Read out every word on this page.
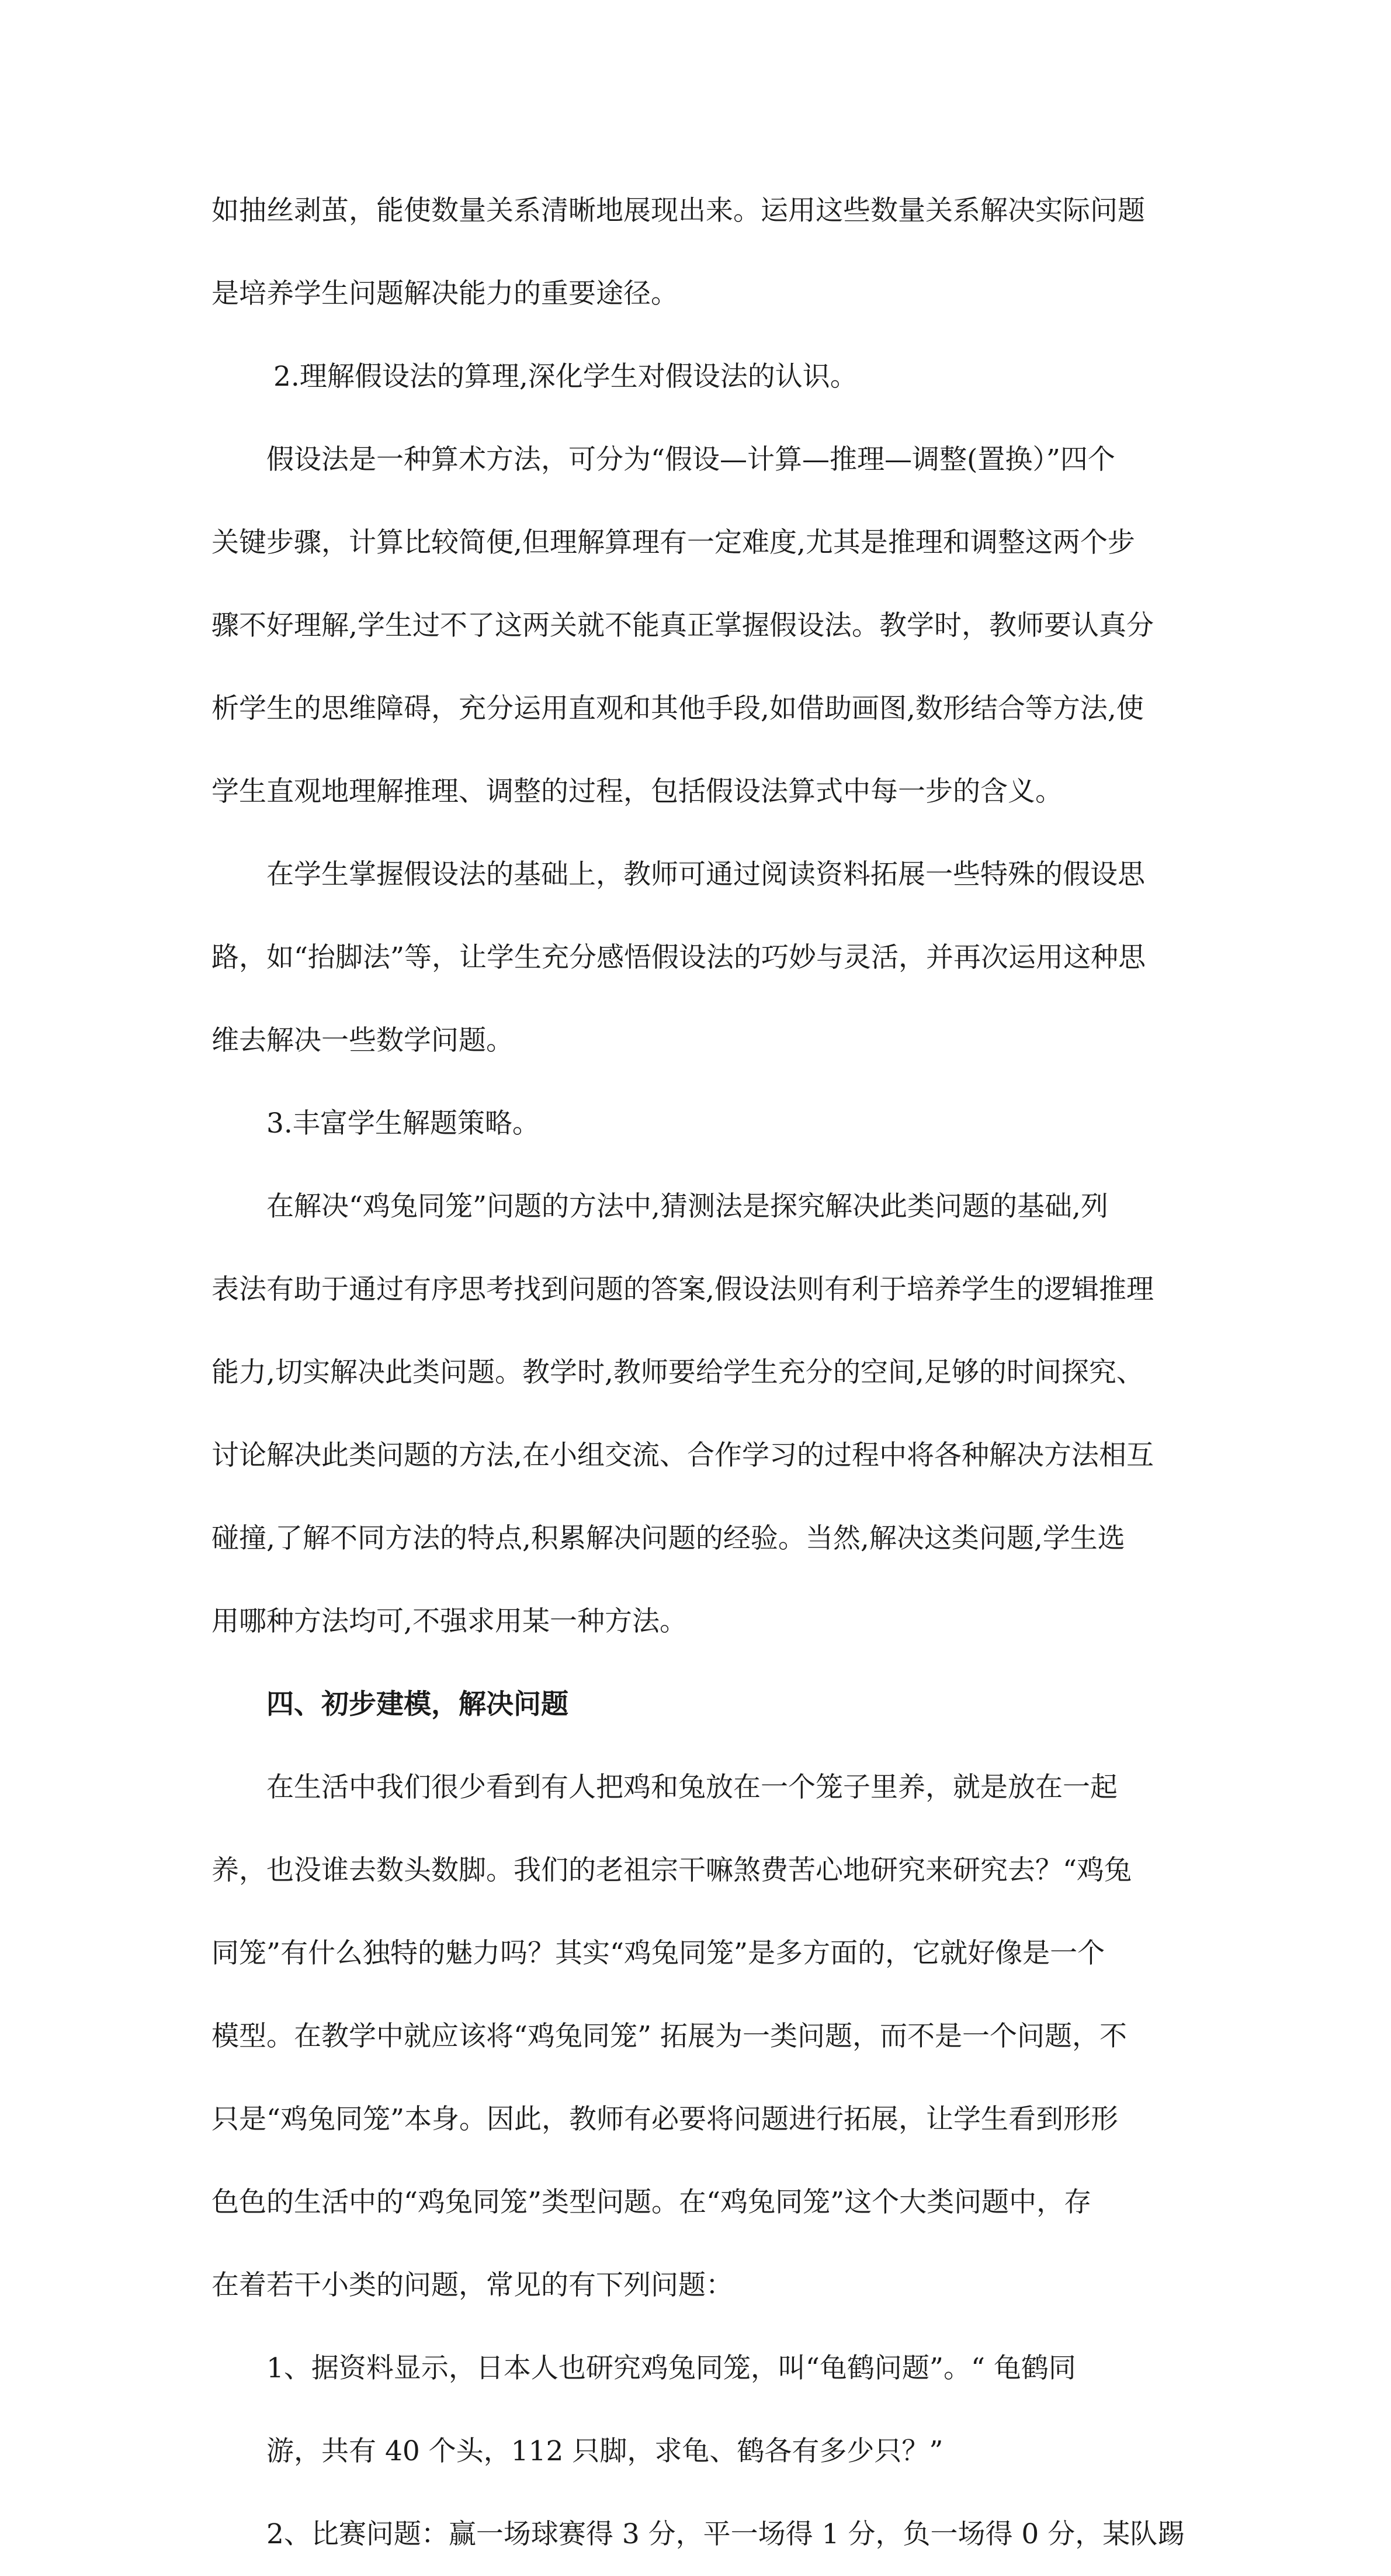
如抽丝剥茧，能使数量关系清晰地展现出来。运用这些数量关系解决实际问题
是培养学生问题解决能力的重要途径。
2.理解假设法的算理,深化学生对假设法的认识。
假设法是一种算术方法，可分为“假设—计算—推理—调整(置换）”四个
关键步骤，计算比较简便,但理解算理有一定难度,尤其是推理和调整这两个步
骤不好理解,学生过不了这两关就不能真正掌握假设法。教学时，教师要认真分
析学生的思维障碍，充分运用直观和其他手段,如借助画图,数形结合等方法,使
学生直观地理解推理、调整的过程，包括假设法算式中每一步的含义。
在学生掌握假设法的基础上，教师可通过阅读资料拓展一些特殊的假设思
路，如“抬脚法”等，让学生充分感悟假设法的巧妙与灵活，并再次运用这种思
维去解决一些数学问题。
3.丰富学生解题策略。
在解决“鸡兔同笼”问题的方法中,猜测法是探究解决此类问题的基础,列
表法有助于通过有序思考找到问题的答案,假设法则有利于培养学生的逻辑推理
能力,切实解决此类问题。教学时,教师要给学生充分的空间,足够的时间探究、
讨论解决此类问题的方法,在小组交流、合作学习的过程中将各种解决方法相互
碰撞,了解不同方法的特点,积累解决问题的经验。当然,解决这类问题,学生选
用哪种方法均可,不强求用某一种方法。
四、初步建模，解决问题
在生活中我们很少看到有人把鸡和兔放在一个笼子里养，就是放在一起
养，也没谁去数头数脚。我们的老祖宗干嘛煞费苦心地研究来研究去？“鸡兔
同笼”有什么独特的魅力吗？其实“鸡兔同笼”是多方面的，它就好像是一个
模型。在教学中就应该将“鸡兔同笼” 拓展为一类问题，而不是一个问题，不
只是“鸡兔同笼”本身。因此，教师有必要将问题进行拓展，让学生看到形形
色色的生活中的“鸡兔同笼”类型问题。在“鸡兔同笼”这个大类问题中，存
在着若干小类的问题，常见的有下列问题：
1、据资料显示，日本人也研究鸡兔同笼，叫“龟鹤问题”。“ 龟鹤同
游，共有 40 个头，112 只脚，求龟、鹤各有多少只？”
2、比赛问题：赢一场球赛得 3 分，平一场得 1 分，负一场得 0 分，某队踢
